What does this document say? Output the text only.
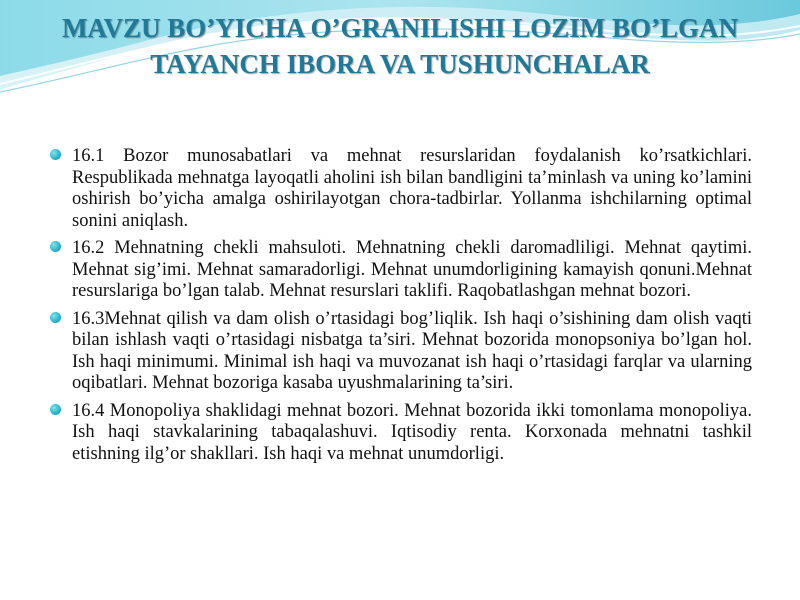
MAVZU BO’YICHA O’GRANILISHI LOZIM BO’LGAN TAYANCH IBORA VA TUSHUNCHALAR
16.1 Bozor munosabatlari va mehnat resurslaridan foydalanish ko’rsatkichlari. Respublikada mehnatga layoqatli aholini ish bilan bandligini ta’minlash va uning ko’lamini oshirish bo’yicha amalga oshirilayotgan chora-tadbirlar. Yollanma ishchilarning optimal sonini aniqlash.
16.2 Mehnatning chekli mahsuloti. Mehnatning chekli daromadliligi. Mehnat qaytimi. Mehnat sig’imi. Mehnat samaradorligi. Mehnat unumdorligining kamayish qonuni.Mehnat resurslariga bo’lgan talab. Mehnat resurslari taklifi. Raqobatlashgan mehnat bozori.
16.3Mehnat qilish va dam olish o’rtasidagi bog’liqlik. Ish haqi o’sishining dam olish vaqti bilan ishlash vaqti o’rtasidagi nisbatga ta’siri. Mehnat bozorida monopsoniya bo’lgan hol. Ish haqi minimumi. Minimal ish haqi va muvozanat ish haqi o’rtasidagi farqlar va ularning oqibatlari. Mehnat bozoriga kasaba uyushmalarining ta’siri.
16.4 Monopoliya shaklidagi mehnat bozori. Mehnat bozorida ikki tomonlama monopoliya. Ish haqi stavkalarining tabaqalashuvi. Iqtisodiy renta. Korxonada mehnatni tashkil etishning ilg’or shakllari. Ish haqi va mehnat unumdorligi.
